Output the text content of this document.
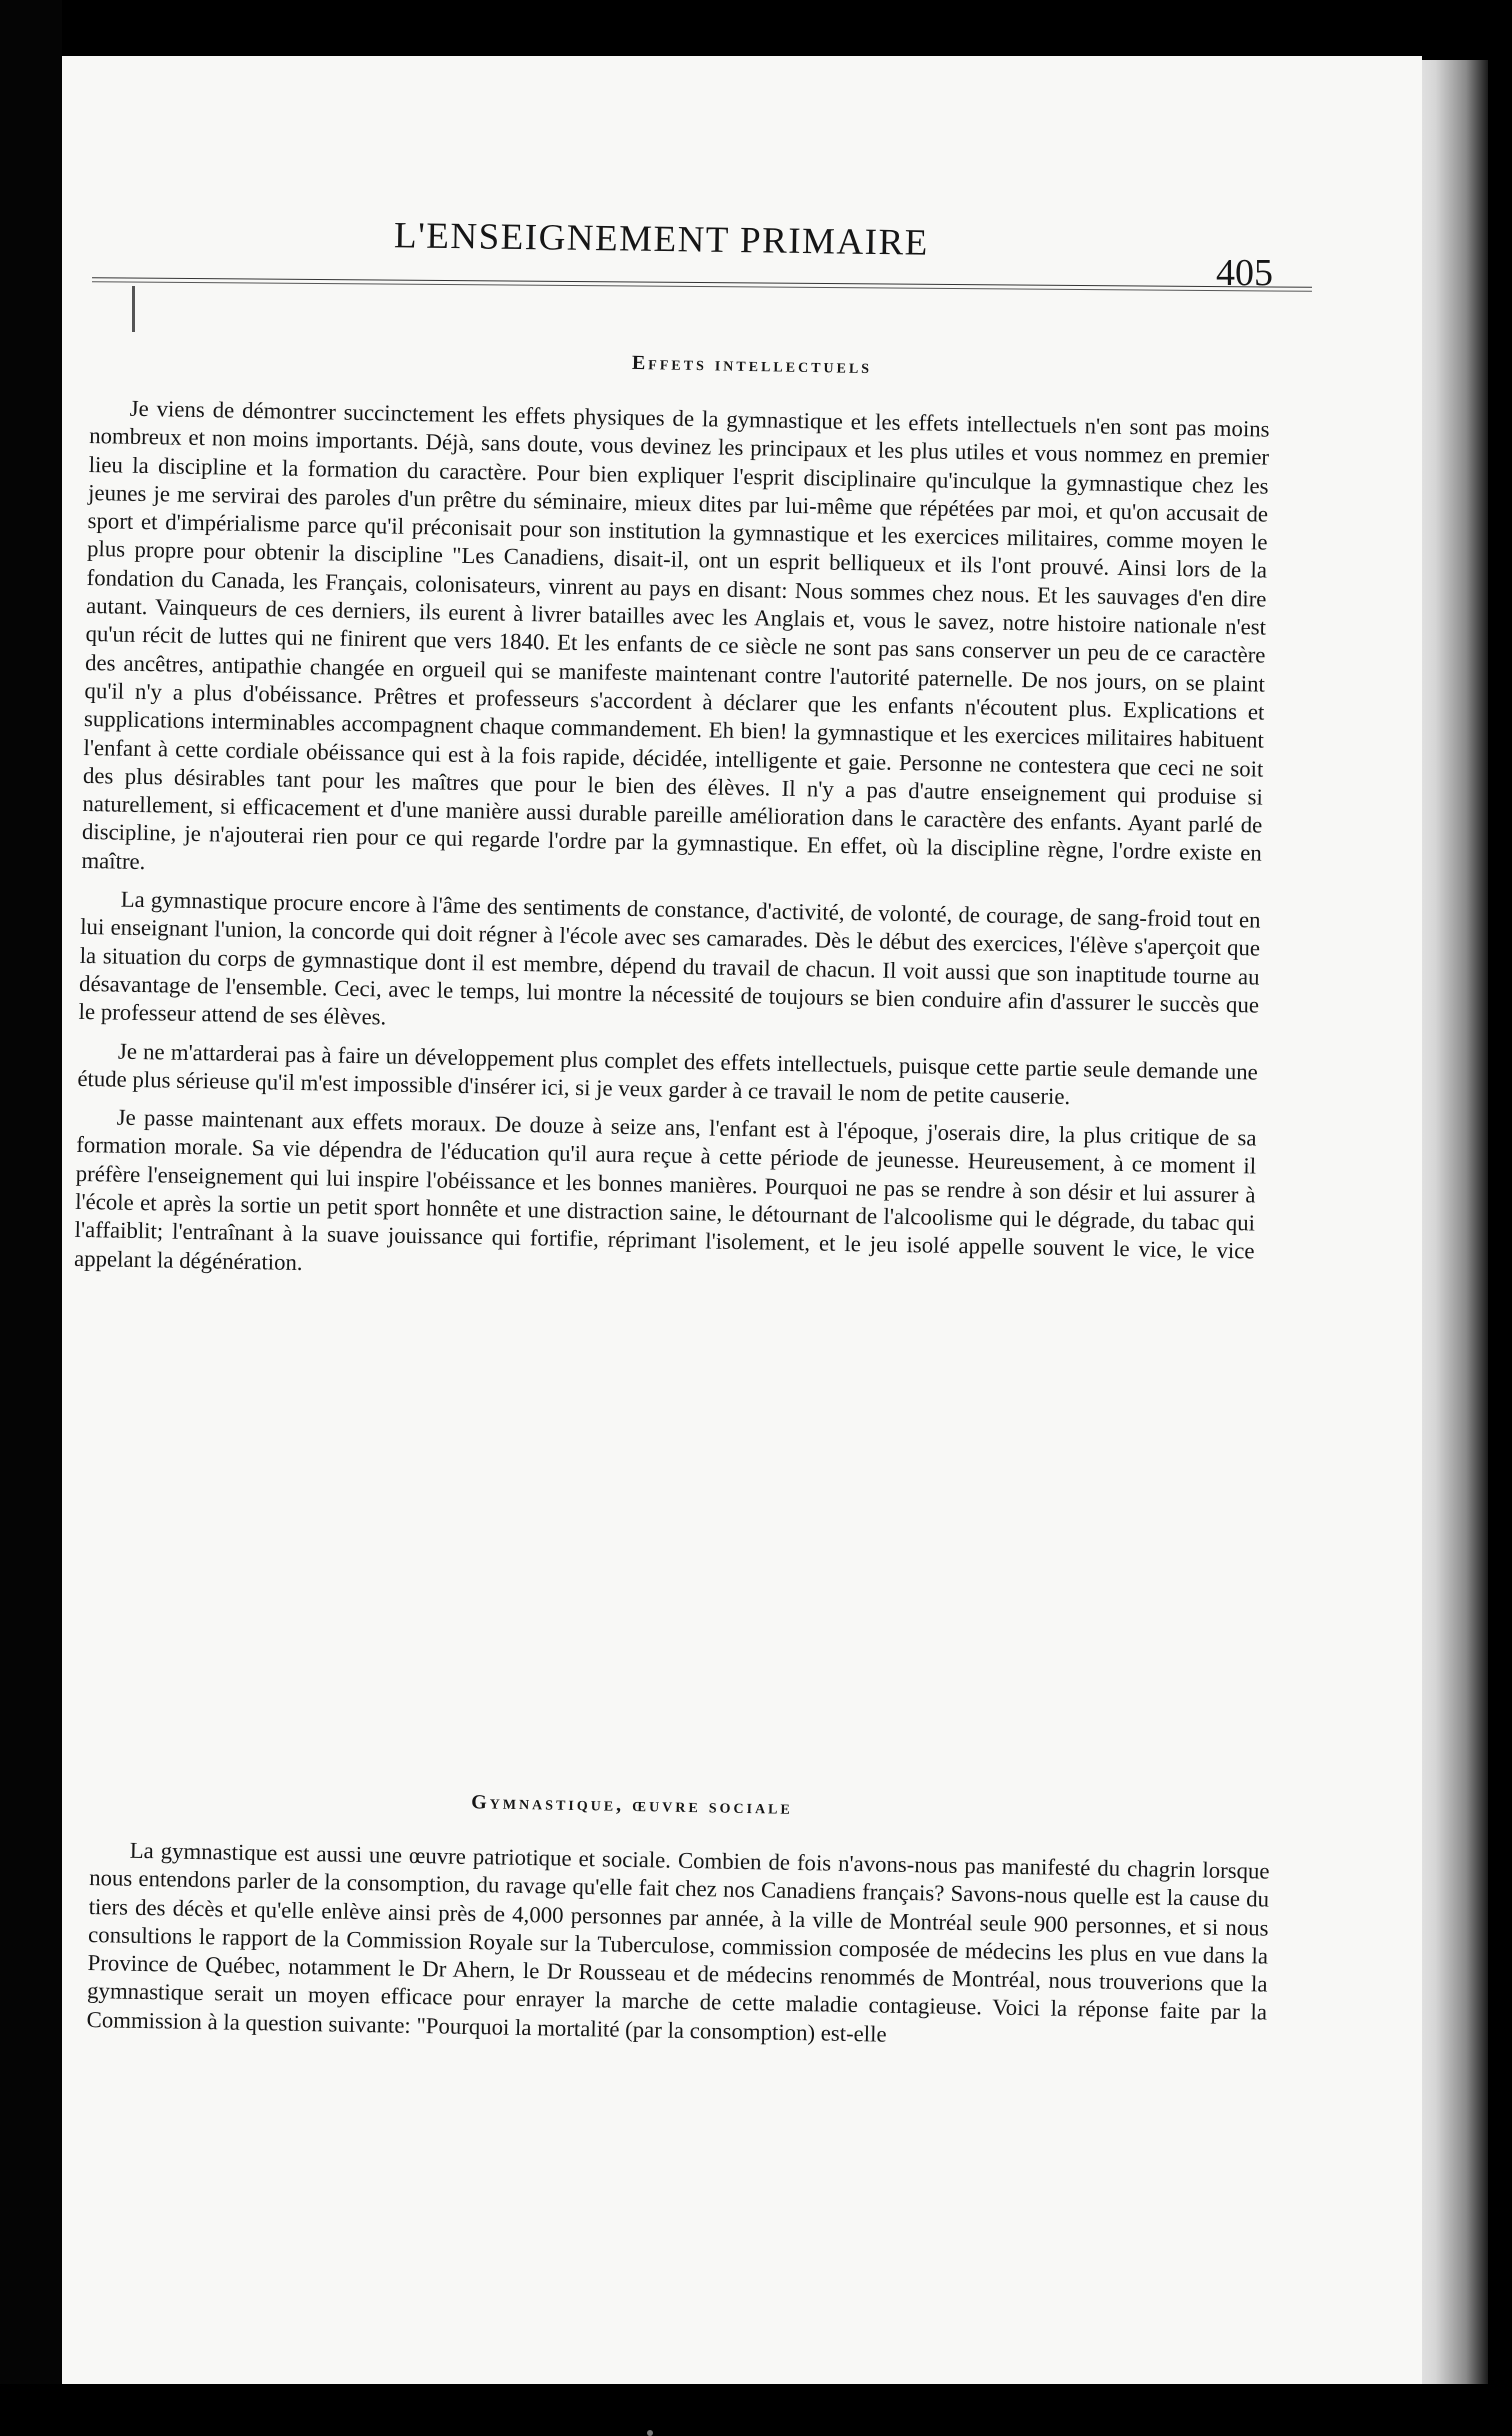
L'ENSEIGNEMENT PRIMAIRE
405
Effets intellectuels

Je viens de démontrer succinctement les effets physiques de la gymnastique et les effets intellectuels n'en sont pas moins nombreux et non moins importants. Déjà, sans doute, vous devinez les principaux et les plus utiles et vous nommez en premier lieu la discipline et la formation du caractère. Pour bien expliquer l'esprit disciplinaire qu'inculque la gymnastique chez les jeunes je me servirai des paroles d'un prêtre du séminaire, mieux dites par lui-même que répétées par moi, et qu'on accusait de sport et d'impérialisme parce qu'il préconisait pour son institution la gymnastique et les exercices militaires, comme moyen le plus propre pour obtenir la discipline "Les Canadiens, disait-il, ont un esprit belliqueux et ils l'ont prouvé. Ainsi lors de la fondation du Canada, les Français, colonisateurs, vinrent au pays en disant: Nous sommes chez nous. Et les sauvages d'en dire autant. Vainqueurs de ces derniers, ils eurent à livrer batailles avec les Anglais et, vous le savez, notre histoire nationale n'est qu'un récit de luttes qui ne finirent que vers 1840. Et les enfants de ce siècle ne sont pas sans conserver un peu de ce caractère des ancêtres, antipathie changée en orgueil qui se manifeste maintenant contre l'autorité paternelle. De nos jours, on se plaint qu'il n'y a plus d'obéissance. Prêtres et professeurs s'accordent à déclarer que les enfants n'écoutent plus. Explications et supplications interminables accompagnent chaque commandement. Eh bien! la gymnastique et les exercices militaires habituent l'enfant à cette cordiale obéissance qui est à la fois rapide, décidée, intelligente et gaie. Personne ne contestera que ceci ne soit des plus désirables tant pour les maîtres que pour le bien des élèves. Il n'y a pas d'autre enseignement qui produise si naturellement, si efficacement et d'une manière aussi durable pareille amélioration dans le caractère des enfants. Ayant parlé de discipline, je n'ajouterai rien pour ce qui regarde l'ordre par la gymnastique. En effet, où la discipline règne, l'ordre existe en maître.

La gymnastique procure encore à l'âme des sentiments de constance, d'activité, de volonté, de courage, de sang-froid tout en lui enseignant l'union, la concorde qui doit régner à l'école avec ses camarades. Dès le début des exercices, l'élève s'aperçoit que la situation du corps de gymnastique dont il est membre, dépend du travail de chacun. Il voit aussi que son inaptitude tourne au désavantage de l'ensemble. Ceci, avec le temps, lui montre la nécessité de toujours se bien conduire afin d'assurer le succès que le professeur attend de ses élèves.

Je ne m'attarderai pas à faire un développement plus complet des effets intellectuels, puisque cette partie seule demande une étude plus sérieuse qu'il m'est impossible d'insérer ici, si je veux garder à ce travail le nom de petite causerie.

Je passe maintenant aux effets moraux. De douze à seize ans, l'enfant est à l'époque, j'oserais dire, la plus critique de sa formation morale. Sa vie dépendra de l'éducation qu'il aura reçue à cette période de jeunesse. Heureusement, à ce moment il préfère l'enseignement qui lui inspire l'obéissance et les bonnes manières. Pourquoi ne pas se rendre à son désir et lui assurer à l'école et après la sortie un petit sport honnête et une distraction saine, le détournant de l'alcoolisme qui le dégrade, du tabac qui l'affaiblit; l'entraînant à la suave jouissance qui fortifie, réprimant l'isolement, et le jeu isolé appelle souvent le vice, le vice appelant la dégénération.

Gymnastique, œuvre sociale

La gymnastique est aussi une œuvre patriotique et sociale. Combien de fois n'avons-nous pas manifesté du chagrin lorsque nous entendons parler de la consomption, du ravage qu'elle fait chez nos Canadiens français? Savons-nous quelle est la cause du tiers des décès et qu'elle enlève ainsi près de 4,000 personnes par année, à la ville de Montréal seule 900 personnes, et si nous consultions le rapport de la Commission Royale sur la Tuberculose, commission composée de médecins les plus en vue dans la Province de Québec, notamment le Dr Ahern, le Dr Rousseau et de médecins renommés de Montréal, nous trouverions que la gymnastique serait un moyen efficace pour enrayer la marche de cette maladie contagieuse. Voici la réponse faite par la Commission à la question suivante: "Pourquoi la mortalité (par la consomption) est-elle
